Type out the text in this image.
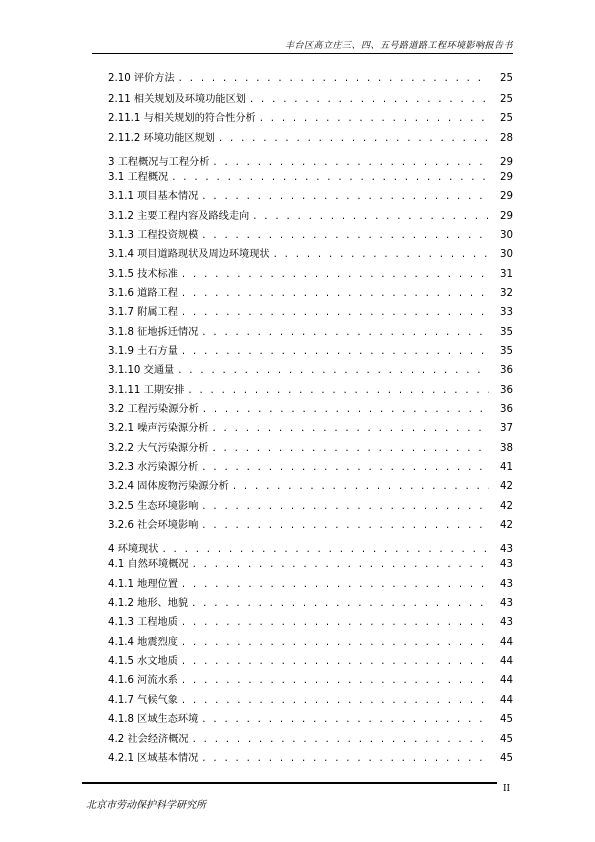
丰台区高立庄三、四、五号路道路工程环境影响报告书
2.10 评价方法 . . .	25
2.11 相关规划及环境功能区划 . . .	25
2.11.1 与相关规划的符合性分析 . . .	25
2.11.2 环境功能区规划 . . .	28
3 工程概况与工程分析 . . .	29
3.1 工程概况 . . .	29
3.1.1 项目基本情况 . . .	29
3.1.2 主要工程内容及路线走向 . . .	29
3.1.3 工程投资规模 . . .	30
3.1.4 项目道路现状及周边环境现状 . . .	30
3.1.5 技术标准 . . .	31
3.1.6 道路工程 . . .	32
3.1.7 附属工程 . . .	33
3.1.8 征地拆迁情况 . . .	35
3.1.9 土石方量 . . .	35
3.1.10 交通量 . . .	36
3.1.11 工期安排 . . .	36
3.2 工程污染源分析 . . .	36
3.2.1 噪声污染源分析 . . .	37
3.2.2 大气污染源分析 . . .	38
3.2.3 水污染源分析 . . .	41
3.2.4 固体废物污染源分析 . . .	42
3.2.5 生态环境影响 . . .	42
3.2.6 社会环境影响 . . .	42
4 环境现状 . . .	43
4.1 自然环境概况 . . .	43
4.1.1 地理位置 . . .	43
4.1.2 地形、地貌 . . .	43
4.1.3 工程地质 . . .	43
4.1.4 地震烈度 . . .	44
4.1.5 水文地质 . . .	44
4.1.6 河流水系 . . .	44
4.1.7 气候气象 . . .	44
4.1.8 区域生态环境 . . .	45
4.2 社会经济概况 . . .	45
4.2.1 区域基本情况 . . .	45
II
北京市劳动保护科学研究所
